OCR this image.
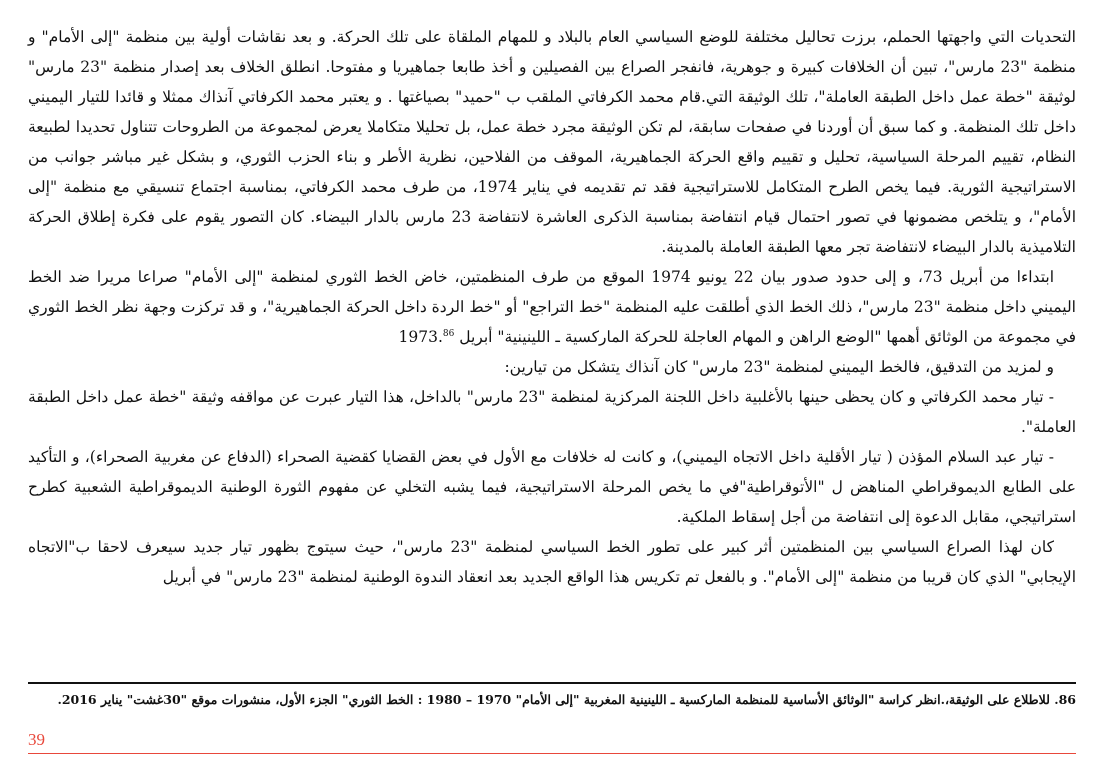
التحديات التي واجهتها الحملم، برزت تحاليل مختلفة للوضع السياسي العام بالبلاد و للمهام الملقاة على تلك الحركة. و بعد نقاشات أولية بين منظمة "إلى الأمام" و منظمة "23 مارس"، تبين أن الخلافات كبيرة و جوهرية، فانفجر الصراع بين الفصيلين و أخذ طابعا جماهيريا و مفتوحا. انطلق الخلاف بعد إصدار منظمة "23 مارس" لوثيقة "خطة عمل داخل الطبقة العاملة"، تلك الوثيقة التي.قام محمد الكرفاتي الملقب ب "حميد" بصياغتها . و يعتبر محمد الكرفاتي آنذاك ممثلا و قائدا للتيار اليميني داخل تلك المنظمة. و كما سبق أن أوردنا في صفحات سابقة، لم تكن الوثيقة مجرد خطة عمل، بل تحليلا متكاملا يعرض لمجموعة من الطروحات تتناول تحديدا لطبيعة النظام، تقييم المرحلة السياسية، تحليل و تقييم واقع الحركة الجماهيرية، الموقف من الفلاحين، نظرية الأطر و بناء الحزب الثوري، و بشكل غير مباشر جوانب من الاستراتيجية الثورية. فيما يخص الطرح المتكامل للاستراتيجية فقد تم تقديمه في يناير 1974، من طرف محمد الكرفاتي، بمناسبة اجتماع تنسيقي مع منظمة "إلى الأمام"، و يتلخص مضمونها في تصور احتمال قيام انتفاضة بمناسبة الذكرى العاشرة لانتفاضة 23 مارس بالدار البيضاء. كان التصور يقوم على فكرة إطلاق الحركة التلاميذية بالدار البيضاء لانتفاضة تجر معها الطبقة العاملة بالمدينة.

ابتداءا من أبريل 73، و إلى حدود صدور بيان 22 يونيو 1974 الموقع من طرف المنظمتين، خاض الخط الثوري لمنظمة "إلى الأمام" صراعا مريرا ضد الخط اليميني داخل منظمة "23 مارس"، ذلك الخط الذي أطلقت عليه المنظمة "خط التراجع" أو "خط الردة داخل الحركة الجماهيرية"، و قد تركزت وجهة نظر الخط الثوري في مجموعة من الوثائق أهمها "الوضع الراهن و المهام العاجلة للحركة الماركسية ـ اللينينية" أبريل 1973.86

و لمزيد من التدقيق، فالخط اليميني لمنظمة "23 مارس" كان آنذاك يتشكل من تيارين:

- تيار محمد الكرفاتي و كان يحظى حينها بالأغلبية داخل اللجنة المركزية لمنظمة "23 مارس" بالداخل، هذا التيار عبرت عن مواقفه وثيقة "خطة عمل داخل الطبقة العاملة".

- تيار عبد السلام المؤذن ( تيار الأقلية داخل الاتجاه اليميني)، و كانت له خلافات مع الأول في بعض القضايا كقضية الصحراء (الدفاع عن مغربية الصحراء)، و التأكيد على الطابع الديموقراطي المناهض ل "الأتوقراطية"في ما يخص المرحلة الاستراتيجية، فيما يشبه التخلي عن مفهوم الثورة الوطنية الديموقراطية الشعبية كطرح استراتيجي، مقابل الدعوة إلى انتفاضة من أجل إسقاط الملكية.

كان لهذا الصراع السياسي بين المنظمتين أثر كبير على تطور الخط السياسي لمنظمة "23 مارس"، حيث سيتوج بظهور تيار جديد سيعرف لاحقا ب"الاتجاه الإيجابي" الذي كان قريبا من منظمة "إلى الأمام". و بالفعل تم تكريس هذا الواقع الجديد بعد انعقاد الندوة الوطنية لمنظمة "23 مارس" في أبريل

86. للاطلاع على الوثيقة،.انظر كراسة "الوثائق الأساسية للمنظمة الماركسية ـ اللينينية المغربية "إلى الأمام" 1970 – 1980 : الخط الثوري" الجزء الأول، منشورات موقع "30غشت" يناير 2016.
39
